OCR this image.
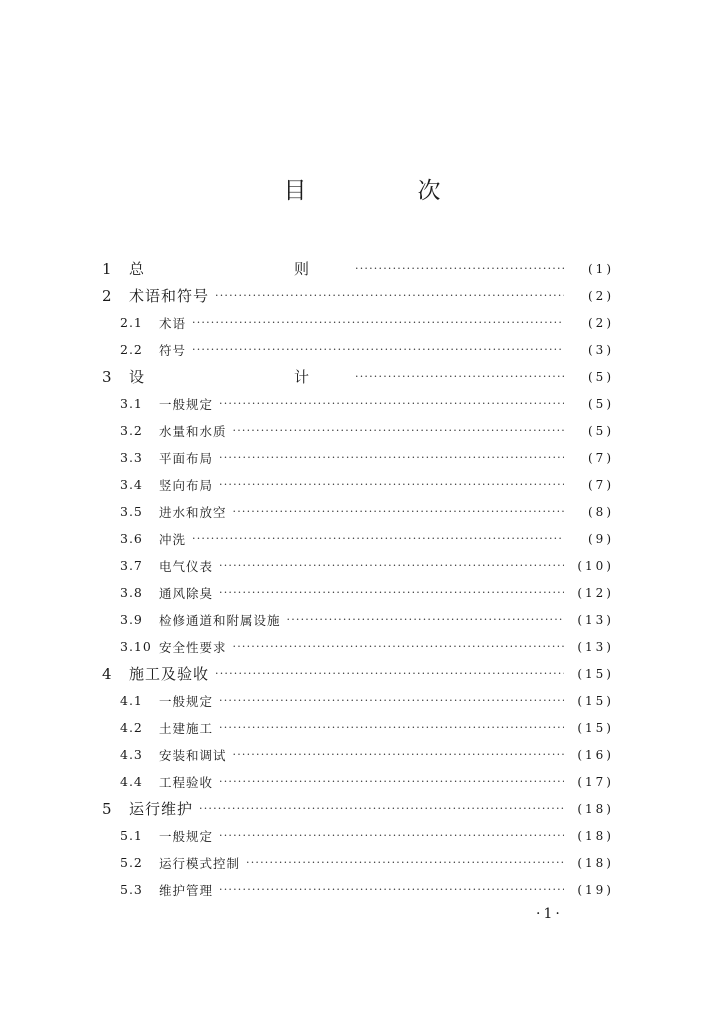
目　次
1	总　　则 ·····	(1)
2	术语和符号 ·····	(2)
2.1	术语 ·····	(2)
2.2	符号 ·····	(3)
3	设　　计 ·····	(5)
3.1	一般规定 ·····	(5)
3.2	水量和水质 ·····	(5)
3.3	平面布局 ·····	(7)
3.4	竖向布局 ·····	(7)
3.5	进水和放空 ·····	(8)
3.6	冲洗 ·····	(9)
3.7	电气仪表 ·····	(10)
3.8	通风除臭 ·····	(12)
3.9	检修通道和附属设施 ·····	(13)
3.10 安全性要求 ·····	(13)
4	施工及验收 ·····	(15)
4.1	一般规定 ·····	(15)
4.2	土建施工 ·····	(15)
4.3	安装和调试 ·····	(16)
4.4	工程验收 ·····	(17)
5	运行维护 ·····	(18)
5.1	一般规定 ·····	(18)
5.2	运行模式控制 ·····	(18)
5.3	维护管理 ·····	(19)
·1·
